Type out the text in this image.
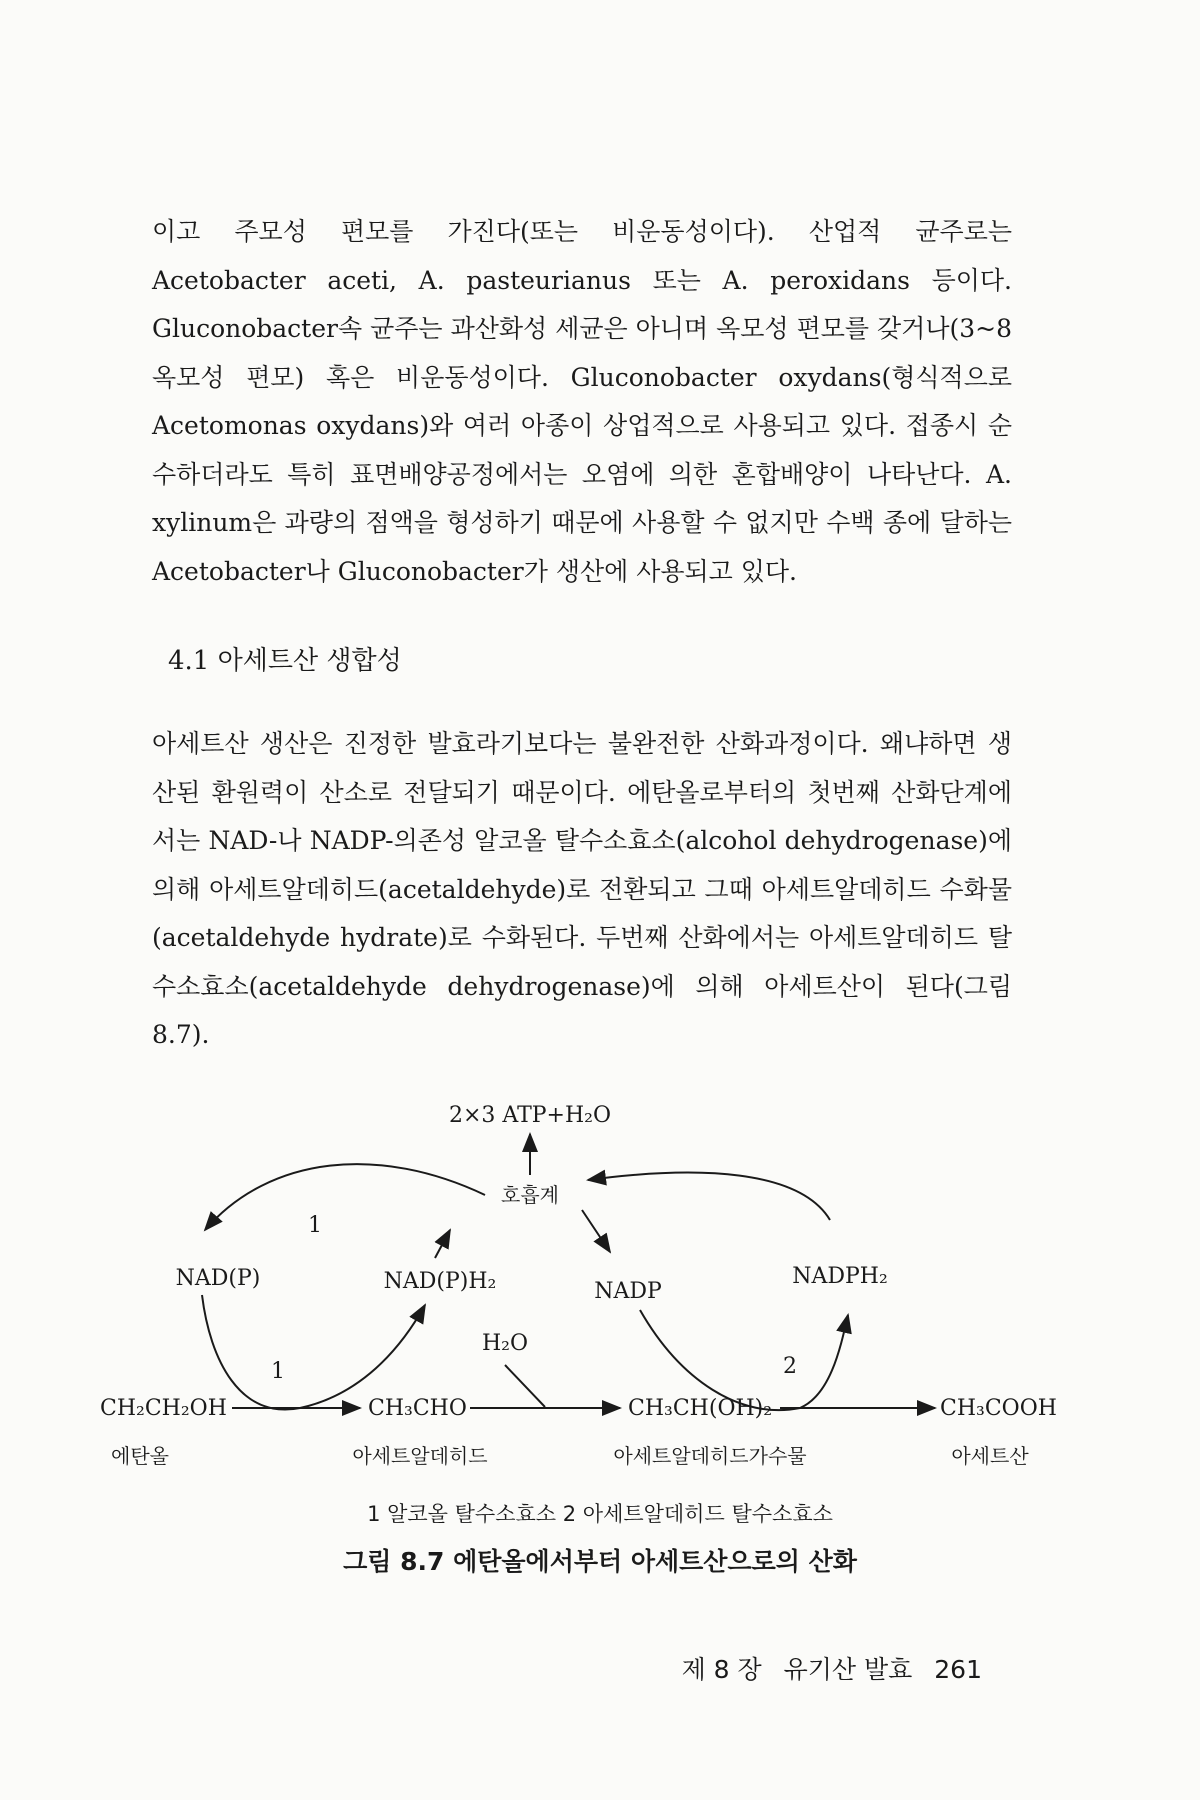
이고 주모성 편모를 가진다(또는 비운동성이다). 산업적 균주로는 Acetobacter aceti, A. pasteurianus 또는 A. peroxidans 등이다. Gluconobacter속 균주는 과산화성 세균은 아니며 옥모성 편모를 갖거나(3~8 옥모성 편모) 혹은 비운동성이다. Gluconobacter oxydans(형식적으로 Acetomonas oxydans)와 여러 아종이 상업적으로 사용되고 있다. 접종시 순수하더라도 특히 표면배양공정에서는 오염에 의한 혼합배양이 나타난다. A. xylinum은 과량의 점액을 형성하기 때문에 사용할 수 없지만 수백 종에 달하는 Acetobacter나 Gluconobacter가 생산에 사용되고 있다.
4.1 아세트산 생합성
아세트산 생산은 진정한 발효라기보다는 불완전한 산화과정이다. 왜냐하면 생산된 환원력이 산소로 전달되기 때문이다. 에탄올로부터의 첫번째 산화단계에서는 NAD-나 NADP-의존성 알코올 탈수소효소(alcohol dehydrogenase)에 의해 아세트알데히드(acetaldehyde)로 전환되고 그때 아세트알데히드 수화물(acetaldehyde hydrate)로 수화된다. 두번째 산화에서는 아세트알데히드 탈수소효소(acetaldehyde dehydrogenase)에 의해 아세트산이 된다(그림 8.7).
2×3 ATP+H₂O
호흡계
1
NAD(P)	NAD(P)H₂	NADP
NADPH₂
1
H₂O
2
CH₂CH₂OH	CH₃CHO	CH₃CH(OH)₂	CH₃COOH
에탄올	아세트알데히드	아세트알데히드가수물	아세트산
1 알코올 탈수소효소 2 아세트알데히드 탈수소효소
그림 8.7 에탄올에서부터 아세트산으로의 산화
제 8 장 유기산 발효 261
